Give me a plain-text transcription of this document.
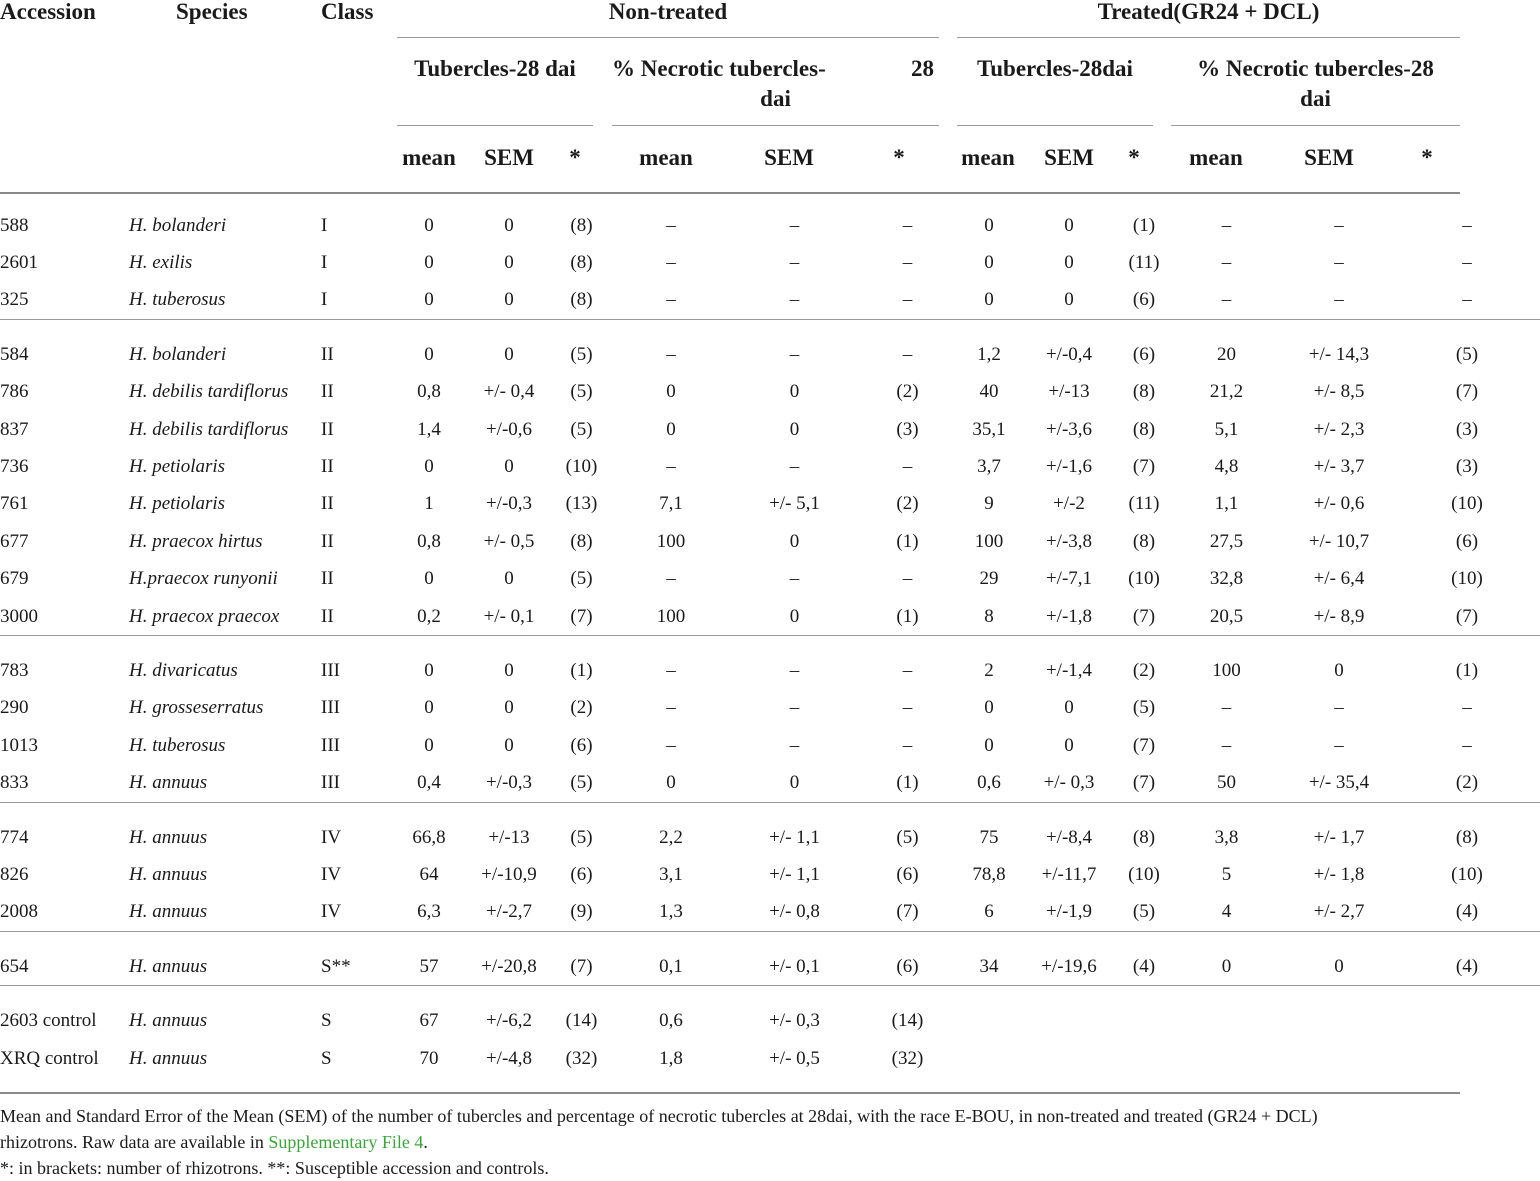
Accession	Species	Class	Non-treated	Treated(GR24 + DCL)
Tubercles-28 dai	% Necrotic tubercles-	28
dai
Tubercles-28dai	% Necrotic tubercles-28
dai
mean	SEM	*	mean	SEM	*	mean	SEM	*	mean	SEM	*
588	H. bolanderi	I	0	0	(8)	–	–	–	0	0	(1)	–	–	–
2601	H. exilis	I	0	0	(8)	–	–	–	0	0	(11)	–	–	–
325	H. tuberosus	I	0	0	(8)	–	–	–	0	0	(6)	–	–	–

584	H. bolanderi	II	0	0	(5)	–	–	–	1,2	+/-0,4	(6)	20	+/- 14,3	(5)
786	H. debilis tardiflorus	II	0,8	+/- 0,4	(5)	0	0	(2)	40	+/-13	(8)	21,2	+/- 8,5	(7)
837	H. debilis tardiflorus	II	1,4	+/-0,6	(5)	0	0	(3)	35,1	+/-3,6	(8)	5,1	+/- 2,3	(3)
736	H. petiolaris	II	0	0	(10)	–	–	–	3,7	+/-1,6	(7)	4,8	+/- 3,7	(3)
761	H. petiolaris	II	1	+/-0,3	(13)	7,1	+/- 5,1	(2)	9	+/-2	(11)	1,1	+/- 0,6	(10)
677	H. praecox hirtus	II	0,8	+/- 0,5	(8)	100	0	(1)	100	+/-3,8	(8)	27,5	+/- 10,7	(6)
679	H.praecox runyonii	II	0	0	(5)	–	–	–	29	+/-7,1	(10)	32,8	+/- 6,4	(10)
3000	H. praecox praecox	II	0,2	+/- 0,1	(7)	100	0	(1)	8	+/-1,8	(7)	20,5	+/- 8,9	(7)

783	H. divaricatus	III	0	0	(1)	–	–	–	2	+/-1,4	(2)	100	0	(1)
290	H. grosseserratus	III	0	0	(2)	–	–	–	0	0	(5)	–	–	–
1013	H. tuberosus	III	0	0	(6)	–	–	–	0	0	(7)	–	–	–
833	H. annuus	III	0,4	+/-0,3	(5)	0	0	(1)	0,6	+/- 0,3	(7)	50	+/- 35,4	(2)

774	H. annuus	IV	66,8	+/-13	(5)	2,2	+/- 1,1	(5)	75	+/-8,4	(8)	3,8	+/- 1,7	(8)
826	H. annuus	IV	64	+/-10,9	(6)	3,1	+/- 1,1	(6)	78,8	+/-11,7	(10)	5	+/- 1,8	(10)
2008	H. annuus	IV	6,3	+/-2,7	(9)	1,3	+/- 0,8	(7)	6	+/-1,9	(5)	4	+/- 2,7	(4)

654	H. annuus	S**	57	+/-20,8	(7)	0,1	+/- 0,1	(6)	34	+/-19,6	(4)	0	0	(4)

2603 control	H. annuus	S	67	+/-6,2	(14)	0,6	+/- 0,3	(14)						
XRQ control	H. annuus	S	70	+/-4,8	(32)	1,8	+/- 0,5	(32)						

Mean and Standard Error of the Mean (SEM) of the number of tubercles and percentage of necrotic tubercles at 28dai, with the race E-BOU, in non-treated and treated (GR24 + DCL)

rhizotrons. Raw data are available in Supplementary File 4.

*: in brackets: number of rhizotrons. **: Susceptible accession and controls.
